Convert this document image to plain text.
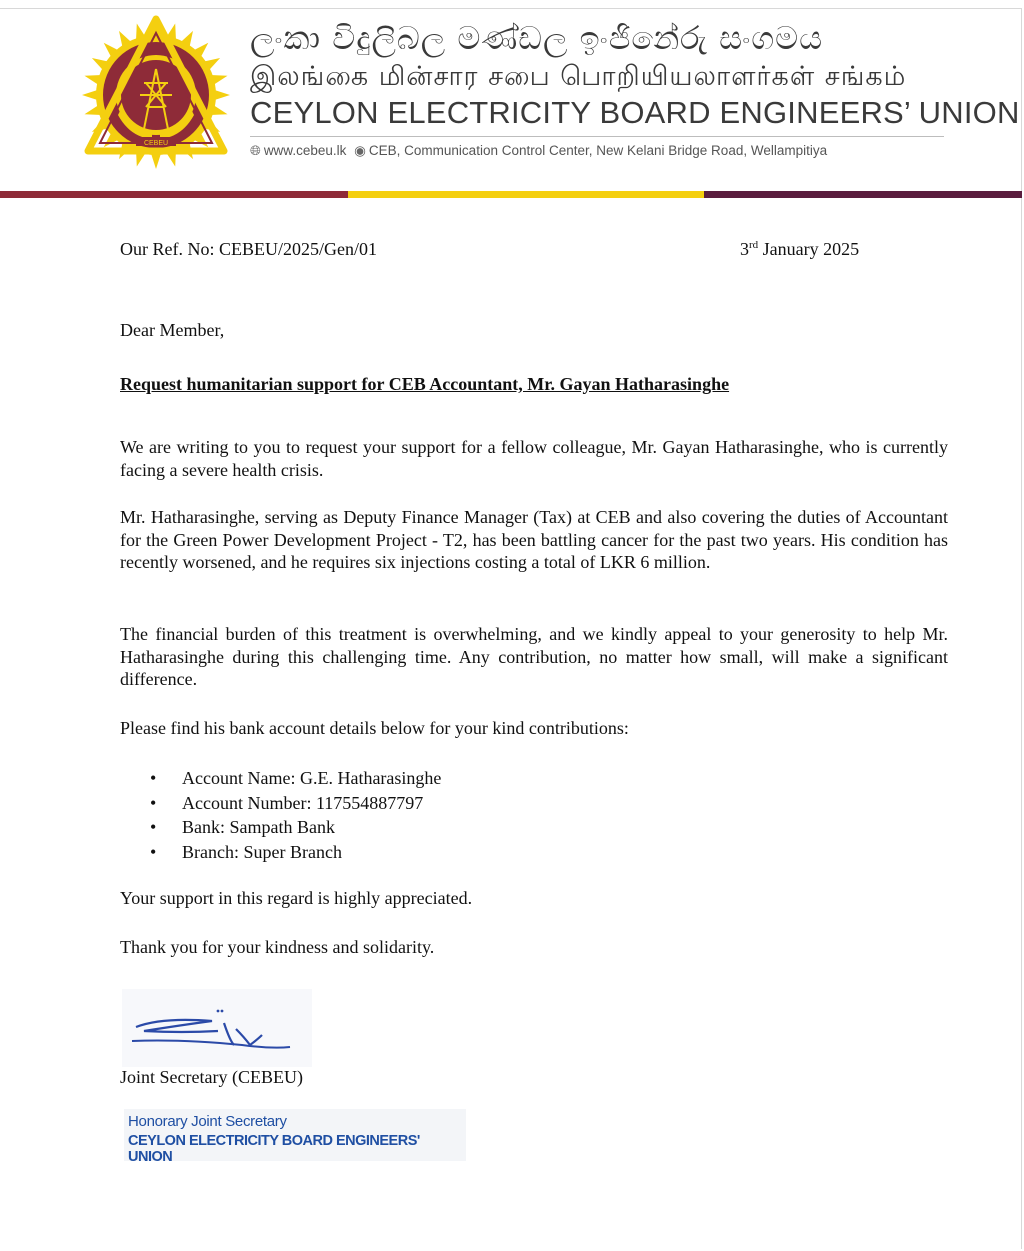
CEBEU
ලංකා විදුලිබල මණ්ඩල ඉංජිනේරු සංගමය
இலங்கை மின்சார சபை பொறியியலாளர்கள் சங்கம்
CEYLON ELECTRICITY BOARD ENGINEERS’ UNION
🌐︎ www.cebeu.lk ◉ CEB, Communication Control Center, New Kelani Bridge Road, Wellampitiya
Our Ref. No: CEBEU/2025/Gen/01	3rd January 2025
Dear Member,
Request humanitarian support for CEB Accountant, Mr. Gayan Hatharasinghe

We are writing to you to request your support for a fellow colleague, Mr. Gayan Hatharasinghe, who is currently facing a severe health crisis.

Mr. Hatharasinghe, serving as Deputy Finance Manager (Tax) at CEB and also covering the duties of Accountant for the Green Power Development Project - T2, has been battling cancer for the past two years. His condition has recently worsened, and he requires six injections costing a total of LKR 6 million.

The financial burden of this treatment is overwhelming, and we kindly appeal to your generosity to help Mr. Hatharasinghe during this challenging time. Any contribution, no matter how small, will make a significant difference.

Please find his bank account details below for your kind contributions:

• Account Name: G.E. Hatharasinghe
• Account Number: 117554887797
• Bank: Sampath Bank
• Branch: Super Branch

Your support in this regard is highly appreciated.

Thank you for your kindness and solidarity.

Joint Secretary (CEBEU)
Honorary Joint Secretary
CEYLON ELECTRICITY BOARD ENGINEERS' UNION
